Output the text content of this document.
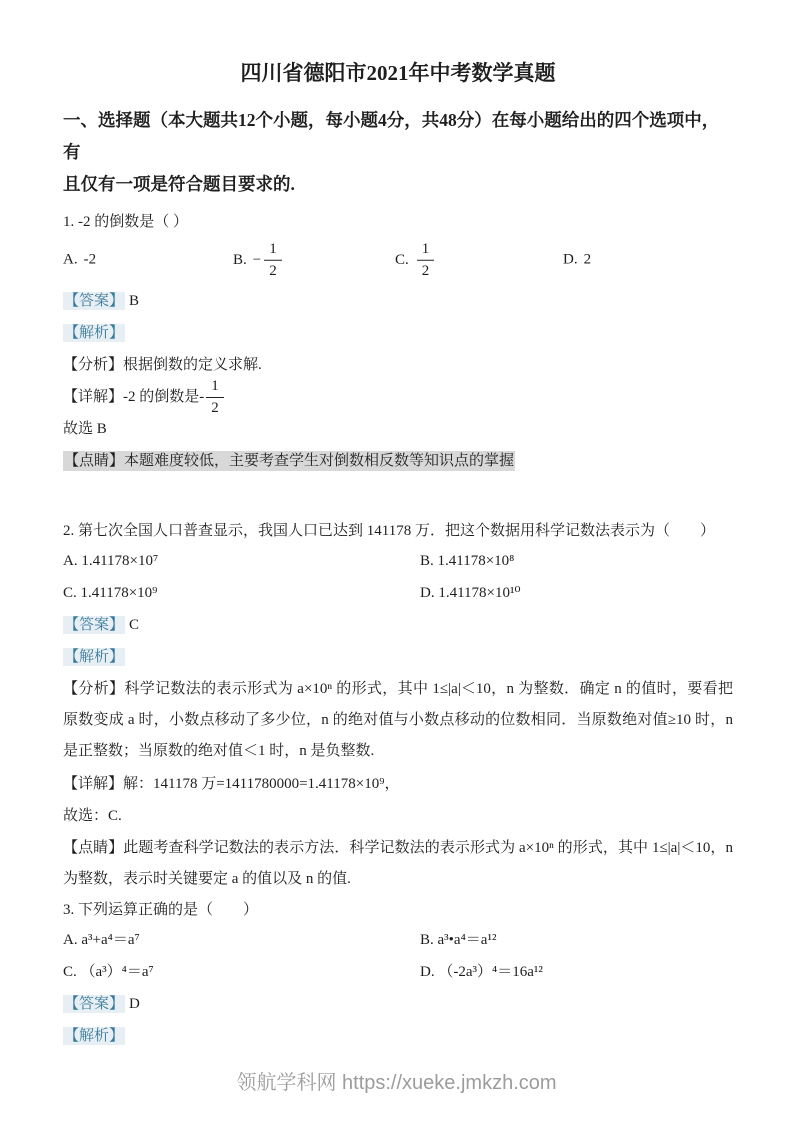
四川省德阳市2021年中考数学真题
一、选择题（本大题共12个小题，每小题4分，共48分）在每小题给出的四个选项中，有
且仅有一项是符合题目要求的.
1. -2 的倒数是（ ）
A. -2	B. − $\frac{1}{2}$	C. $\frac{1}{2}$	D. 2
【答案】 B
【解析】
【分析】根据倒数的定义求解.
【详解】-2 的倒数是- $\frac{1}{2}$
故选 B
【点睛】本题难度较低，主要考查学生对倒数相反数等知识点的掌握
2. 第七次全国人口普查显示，我国人口已达到 141178 万．把这个数据用科学记数法表示为（　　）
A. 1.41178×10⁷	B. 1.41178×10⁸
C. 1.41178×10⁹	D. 1.41178×10¹⁰
【答案】 C
【解析】
【分析】科学记数法的表示形式为 a×10ⁿ 的形式，其中 1≤|a|＜10，n 为整数．确定 n 的值时，要看把原数变成 a 时，小数点移动了多少位，n 的绝对值与小数点移动的位数相同．当原数绝对值≥10 时，n 是正整数；当原数的绝对值＜1 时，n 是负整数.
【详解】解：141178 万=1411780000=1.41178×10⁹，
故选：C.
【点睛】此题考查科学记数法的表示方法．科学记数法的表示形式为 a×10ⁿ 的形式，其中 1≤|a|＜10，n 为整数，表示时关键要定 a 的值以及 n 的值.
3. 下列运算正确的是（　　）
A. a³+a⁴＝a⁷	B. a³•a⁴＝a¹²
C. （a³）⁴＝a⁷	D. （-2a³）⁴＝16a¹²
【答案】 D
【解析】
领航学科网 https://xueke.jmkzh.com
